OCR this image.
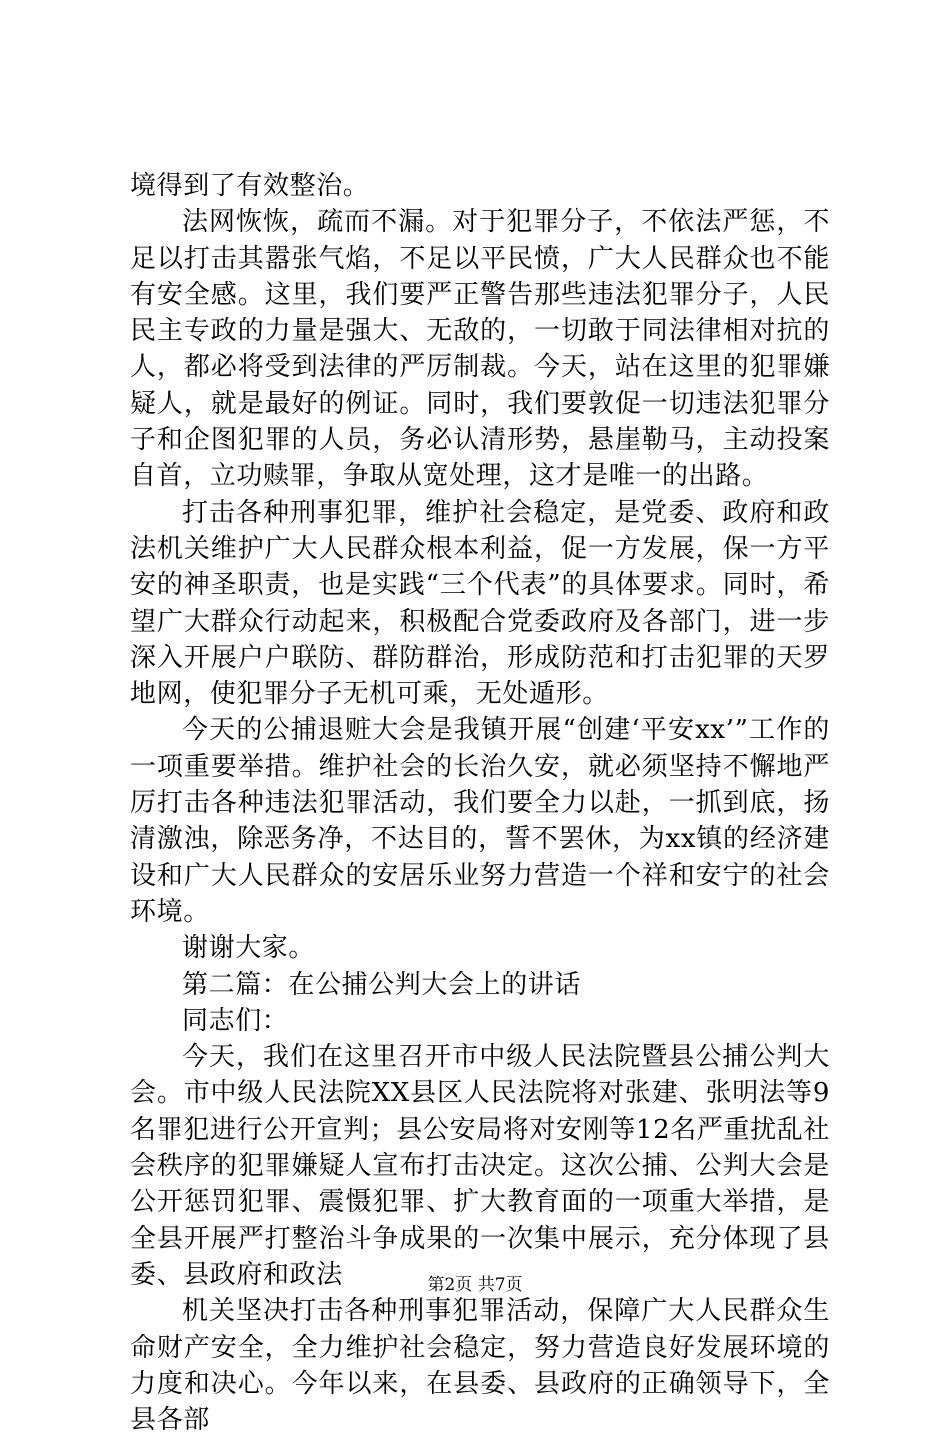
境得到了有效整治。

法网恢恢，疏而不漏。对于犯罪分子，不依法严惩，不足以打击其嚣张气焰，不足以平民愤，广大人民群众也不能有安全感。这里，我们要严正警告那些违法犯罪分子，人民民主专政的力量是强大、无敌的，一切敢于同法律相对抗的人，都必将受到法律的严厉制裁。今天，站在这里的犯罪嫌疑人，就是最好的例证。同时，我们要敦促一切违法犯罪分子和企图犯罪的人员，务必认清形势，悬崖勒马，主动投案自首，立功赎罪，争取从宽处理，这才是唯一的出路。

打击各种刑事犯罪，维护社会稳定，是党委、政府和政法机关维护广大人民群众根本利益，促一方发展，保一方平安的神圣职责，也是实践“三个代表”的具体要求。同时，希望广大群众行动起来，积极配合党委政府及各部门，进一步深入开展户户联防、群防群治，形成防范和打击犯罪的天罗地网，使犯罪分子无机可乘，无处遁形。

今天的公捕退赃大会是我镇开展“创建‘平安xx’”工作的一项重要举措。维护社会的长治久安，就必须坚持不懈地严厉打击各种违法犯罪活动，我们要全力以赴，一抓到底，扬清激浊，除恶务净，不达目的，誓不罢休，为xx镇的经济建设和广大人民群众的安居乐业努力营造一个祥和安宁的社会环境。

谢谢大家。

第二篇：在公捕公判大会上的讲话

同志们：

今天，我们在这里召开市中级人民法院暨县公捕公判大会。市中级人民法院XX县区人民法院将对张建、张明法等9名罪犯进行公开宣判；县公安局将对安刚等12名严重扰乱社会秩序的犯罪嫌疑人宣布打击决定。这次公捕、公判大会是公开惩罚犯罪、震慑犯罪、扩大教育面的一项重大举措，是全县开展严打整治斗争成果的一次集中展示，充分体现了县委、县政府和政法

机关坚决打击各种刑事犯罪活动，保障广大人民群众生命财产安全，全力维护社会稳定，努力营造良好发展环境的力度和决心。今年以来，在县委、县政府的正确领导下，全县各部

第2页 共7页
